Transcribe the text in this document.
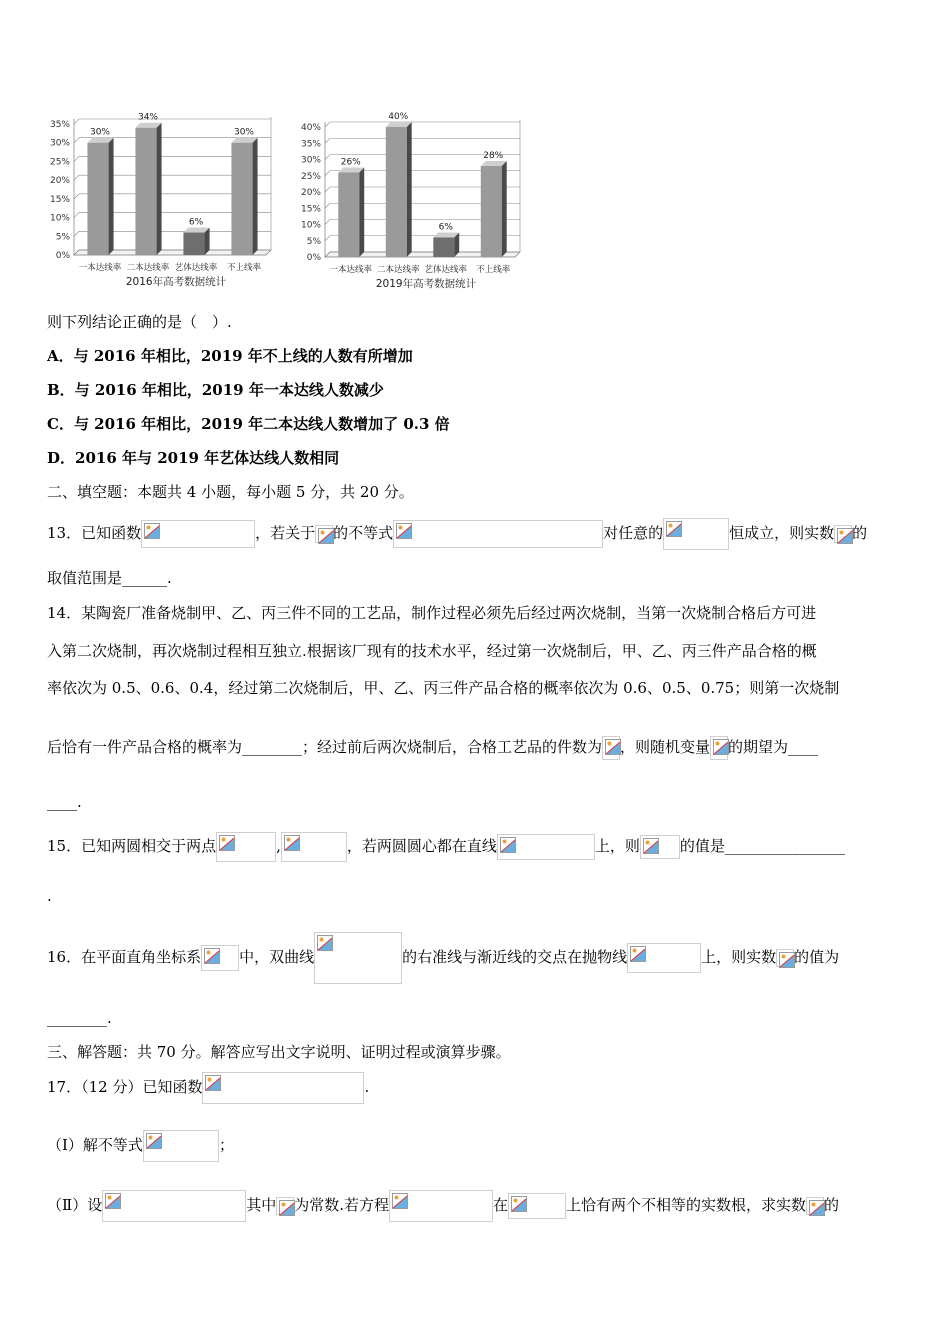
0%
5%
10%
15%
20%
25%
30%
35%
30%
一本达线率
34%
二本达线率
6%
艺体达线率
30%
不上线率
2016年高考数据统计
0%
5%
10%
15%
20%
25%
30%
35%
40%
26%
一本达线率
40%
二本达线率
6%
艺体达线率
28%
不上线率
2019年高考数据统计
则下列结论正确的是（　）.
A．与 2016 年相比，2019 年不上线的人数有所增加
B．与 2016 年相比，2019 年一本达线人数减少
C．与 2016 年相比，2019 年二本达线人数增加了 0.3 倍
D．2016 年与 2019 年艺体达线人数相同
二、填空题：本题共 4 小题，每小题 5 分，共 20 分。
13．已知函数	，若关于 的不等式	对任意的	恒成立，则实数 的
取值范围是______.
14．某陶瓷厂准备烧制甲、乙、丙三件不同的工艺品，制作过程必须先后经过两次烧制，当第一次烧制合格后方可进
入第二次烧制，再次烧制过程相互独立.根据该厂现有的技术水平，经过第一次烧制后，甲、乙、丙三件产品合格的概
率依次为 0.5、0.6、0.4，经过第二次烧制后，甲、乙、丙三件产品合格的概率依次为 0.6、0.5、0.75；则第一次烧制
后恰有一件产品合格的概率为________；经过前后两次烧制后，合格工艺品的件数为 ，则随机变量 的期望为____
____.
15．已知两圆相交于两点	,	，若两圆圆心都在直线	上，则	的值是________________
.
16．在平面直角坐标系	中，双曲线	的右准线与渐近线的交点在抛物线	上，则实数 的值为
________.
三、解答题：共 70 分。解答应写出文字说明、证明过程或演算步骤。
17．（12 分）已知函数	.
（Ⅰ）解不等式	；
（Ⅱ）设	其中 为常数.若方程	在	上恰有两个不相等的实数根，求实数 的
